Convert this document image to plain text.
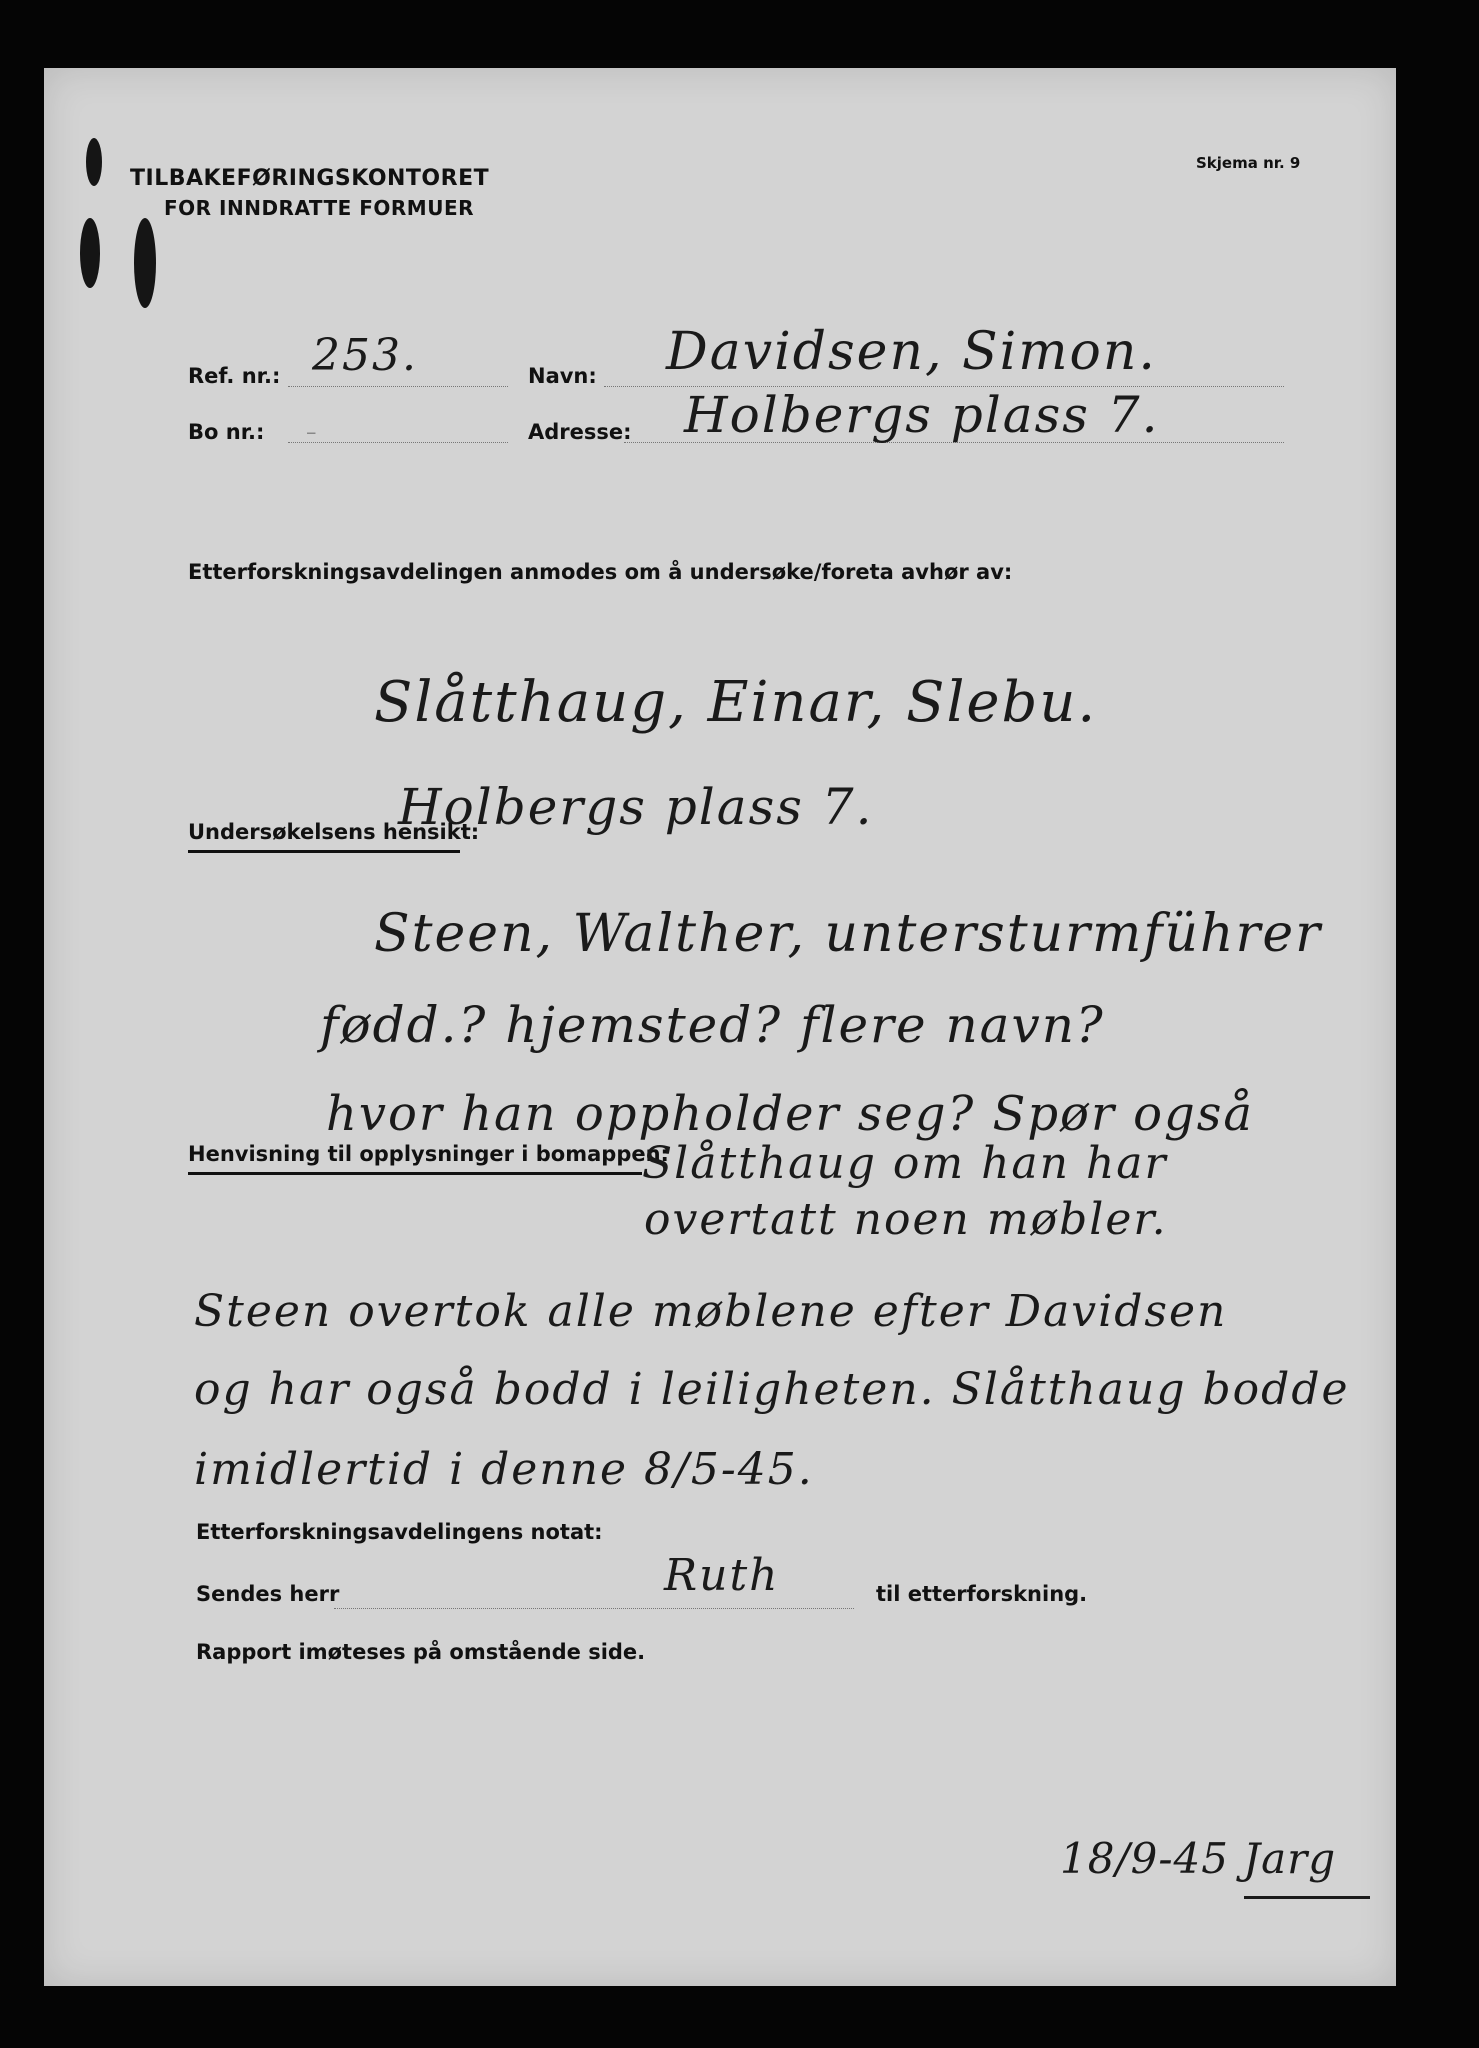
TILBAKEFØRINGSKONTORET
FOR INNDRATTE FORMUER
Skjema nr. 9
Ref. nr.: 253.	Navn: Davidsen, Simon.
Bo nr.: –	Adresse: Holbergs plass 7.
Etterforskningsavdelingen anmodes om å undersøke/foreta avhør av:
Slåtthaug, Einar, Slebu.
Holbergs plass 7.
Undersøkelsens hensikt:
Steen, Walther, untersturmführer
fødd.? hjemsted? flere navn?
hvor han oppholder seg? Spør også
Henvisning til opplysninger i bomappen:
Slåtthaug om han har
overtatt noen møbler.
Steen overtok alle møblene efter Davidsen
og har også bodd i leiligheten. Slåtthaug bodde
imidlertid i denne 8/5-45.
Etterforskningsavdelingens notat:
Sendes herr	Ruth	til etterforskning.
Rapport imøteses på omstående side.
18/9-45 Jarg
